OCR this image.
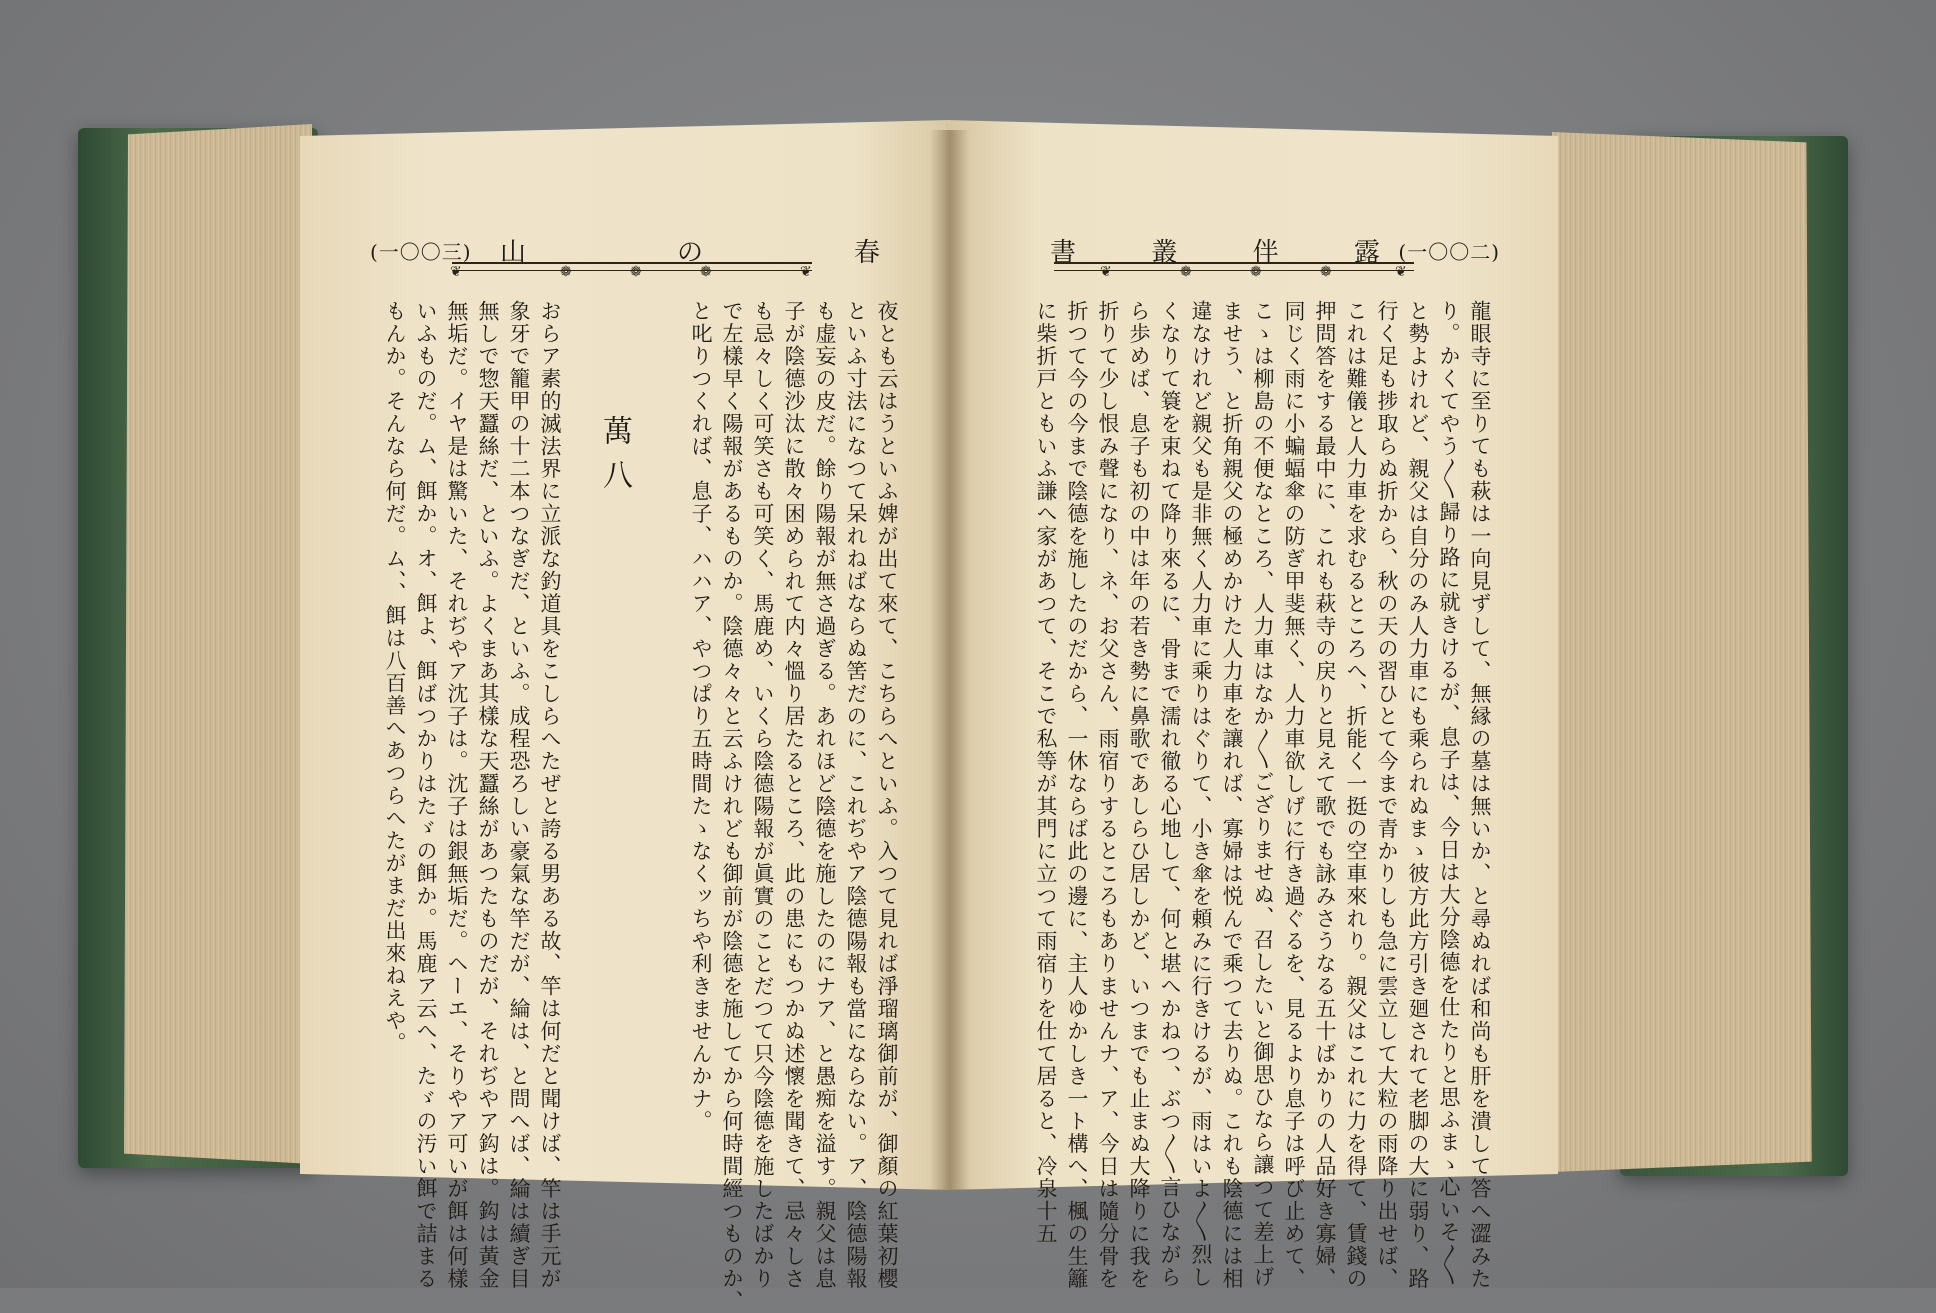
(一〇〇三) 山	の	春
❦	❁	❁	❁	❦
書	叢	伴	露 (一〇〇二)
❦	❁	❁	❁	❦
萬八	夜とも云はうといふ婢が出て來て、こちらへといふ。入つて見れば淨瑠璃御前が、御顏の紅葉初櫻
といふ寸法になつて呆れねばならぬ筈だのに、これぢやア陰德陽報も當にならない。ア、陰德陽報
も虚妄の皮だ。餘り陽報が無さ過ぎる。あれほど陰德を施したのにナア、と愚痴を溢す。親父は息
子が陰德沙汰に散々困められて内々慍り居たるところ、此の患にもつかぬ述懷を聞きて、忌々しさ
も忌々しく可笑さも可笑く、馬鹿め、いくら陰德陽報が眞實のことだつて只今陰德を施したばかり
で左樣早く陽報があるものか。陰德々々と云ふけれども御前が陰德を施してから何時間經つものか、
と叱りつくれば、息子、ハハア、やつぱり五時間たゝなくッちや利きませんかナ。
おらア素的滅法界に立派な釣道具をこしらへたぜと誇る男ある故、竿は何だと聞けば、竿は手元が
象牙で籠甲の十二本つなぎだ、といふ。成程恐ろしい豪氣な竿だが、綸は、と問へば、綸は續ぎ目
無しで惣天蠶絲だ、といふ。よくまあ其樣な天蠶絲があつたものだが、それぢやア鈎は。鈎は黃金
無垢だ。イヤ是は驚いた、それぢやア沈子は。沈子は銀無垢だ。ヘーエ、そりやア可いが餌は何樣
いふものだ。ム、餌か。オ、餌よ、餌ばつかりはたゞの餌か。馬鹿ア云へ、たゞの汚い餌で詰まる
もんか。そんなら何だ。ム、、餌は八百善へあつらへたがまだ出來ねえや。	龍眼寺に至りても萩は一向見ずして、無縁の墓は無いか、と尋ぬれば和尚も肝を潰して答へ澀みた
り。かくてやう〳〵歸り路に就きけるが、息子は、今日は大分陰德を仕たりと思ふまゝ心いそ〳〵
と勢よけれど、親父は自分のみ人力車にも乘られぬまゝ彼方此方引き廻されて老脚の大に弱り、路
行く足も捗取らぬ折から、秋の天の習ひとて今まで青かりしも急に雲立して大粒の雨降り出せば、
これは難儀と人力車を求むるところへ、折能く一挺の空車來れり。親父はこれに力を得て、賃錢の
押問答をする最中に、これも萩寺の戻りと見えて歌でも詠みさうなる五十ばかりの人品好き寡婦、
同じく雨に小蝙蝠傘の防ぎ甲斐無く、人力車欲しげに行き過ぐるを、見るより息子は呼び止めて、
こゝは柳島の不便なところ、人力車はなか〳〵ござりませぬ、召したいと御思ひなら讓つて差上げ
ませう、と折角親父の極めかけた人力車を讓れば、寡婦は悦んで乘つて去りぬ。これも陰德には相
違なけれど親父も是非無く人力車に乘りはぐりて、小き傘を頼みに行きけるが、雨はいよ〳〵烈し
くなりて簑を束ねて降り來るに、骨まで濡れ徹る心地して、何と堪へかねつ、ぶつ〳〵言ひながら
ら歩めば、息子も初の中は年の若き勢に鼻歌であしらひ居しかど、いつまでも止まぬ大降りに我を
折りて少し恨み聲になり、ネ、お父さん、雨宿りするところもありませんナ、ア、今日は隨分骨を
折つて今の今まで陰德を施したのだから、一休ならば此の邊に、主人ゆかしき一ト構へ、楓の生籬
に柴折戸ともいふ謙へ家があつて、そこで私等が其門に立つて雨宿りを仕て居ると、冷泉十五
